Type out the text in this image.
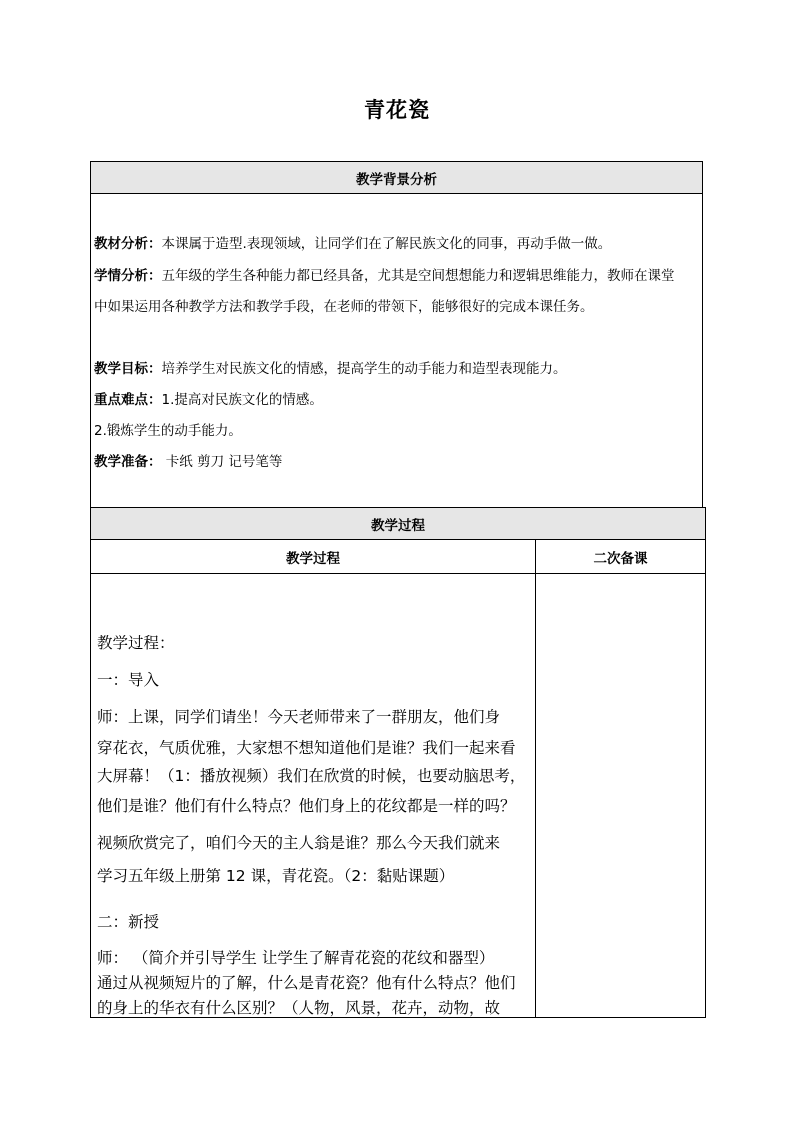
青花瓷
教学背景分析
教材分析：本课属于造型.表现领域，让同学们在了解民族文化的同事，再动手做一做。
学情分析：五年级的学生各种能力都已经具备，尤其是空间想想能力和逻辑思维能力，教师在课堂
中如果运用各种教学方法和教学手段，在老师的带领下，能够很好的完成本课任务。
教学目标：培养学生对民族文化的情感，提高学生的动手能力和造型表现能力。
重点难点：1.提高对民族文化的情感。
2.锻炼学生的动手能力。
教学准备： 卡纸 剪刀 记号笔等
教学过程
教学过程	二次备课
教学过程：
一：导入
师：上课，同学们请坐！今天老师带来了一群朋友，他们身
穿花衣，气质优雅，大家想不想知道他们是谁？我们一起来看
大屏幕！（1：播放视频）我们在欣赏的时候，也要动脑思考，
他们是谁？他们有什么特点？他们身上的花纹都是一样的吗？
视频欣赏完了，咱们今天的主人翁是谁？那么今天我们就来
学习五年级上册第 12 课，青花瓷。（2：黏贴课题）
二：新授
师： （简介并引导学生 让学生了解青花瓷的花纹和器型）
通过从视频短片的了解，什么是青花瓷？他有什么特点？他们
的身上的华衣有什么区别？（人物，风景，花卉，动物，故
